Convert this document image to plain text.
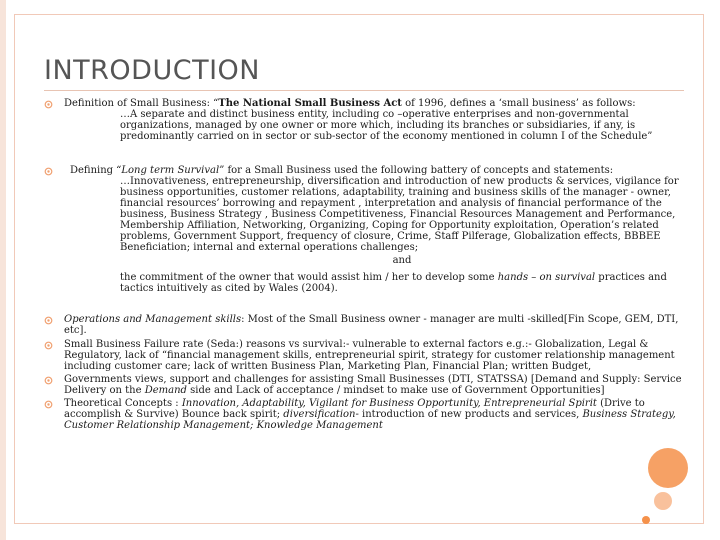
INTRODUCTION
Definition of Small Business: “The National Small Business Act of 1996, defines a ‘small business’ as follows:
…A separate and distinct business entity, including co –operative enterprises and non-governmental organizations, managed by one owner or more which, including its branches or subsidiaries, if any, is predominantly carried on in sector or sub-sector of the economy mentioned in column I of the Schedule”
Defining “Long term Survival” for a Small Business used the following battery of concepts and statements:
…Innovativeness, entrepreneurship, diversification and introduction of new products & services, vigilance for business opportunities, customer relations, adaptability, training and business skills of the manager - owner, financial resources’ borrowing and repayment , interpretation and analysis of financial performance of the business, Business Strategy , Business Competitiveness, Financial Resources Management and Performance, Membership Affiliation, Networking, Organizing, Coping for Opportunity exploitation, Operation’s related problems, Government Support, frequency of closure, Crime, Staff Pilferage, Globalization effects, BBBEE Beneficiation; internal and external operations challenges;
and
the commitment of the owner that would assist him / her to develop some hands – on survival practices and tactics intuitively as cited by Wales (2004).
Operations and Management skills: Most of the Small Business owner - manager are multi -skilled[Fin Scope, GEM, DTI, etc].
Small Business Failure rate (Seda:) reasons vs survival:- vulnerable to external factors e.g.:- Globalization, Legal & Regulatory, lack of “financial management skills, entrepreneurial spirit, strategy for customer relationship management including customer care; lack of written Business Plan, Marketing Plan, Financial Plan; written Budget,
Governments views, support and challenges for assisting Small Businesses (DTI, STATSSA) [Demand and Supply: Service Delivery on the Demand side and Lack of acceptance / mindset to make use of Government Opportunities]
Theoretical Concepts : Innovation, Adaptability, Vigilant for Business Opportunity, Entrepreneurial Spirit (Drive to accomplish & Survive) Bounce back spirit; diversification- introduction of new products and services, Business Strategy, Customer Relationship Management; Knowledge Management
